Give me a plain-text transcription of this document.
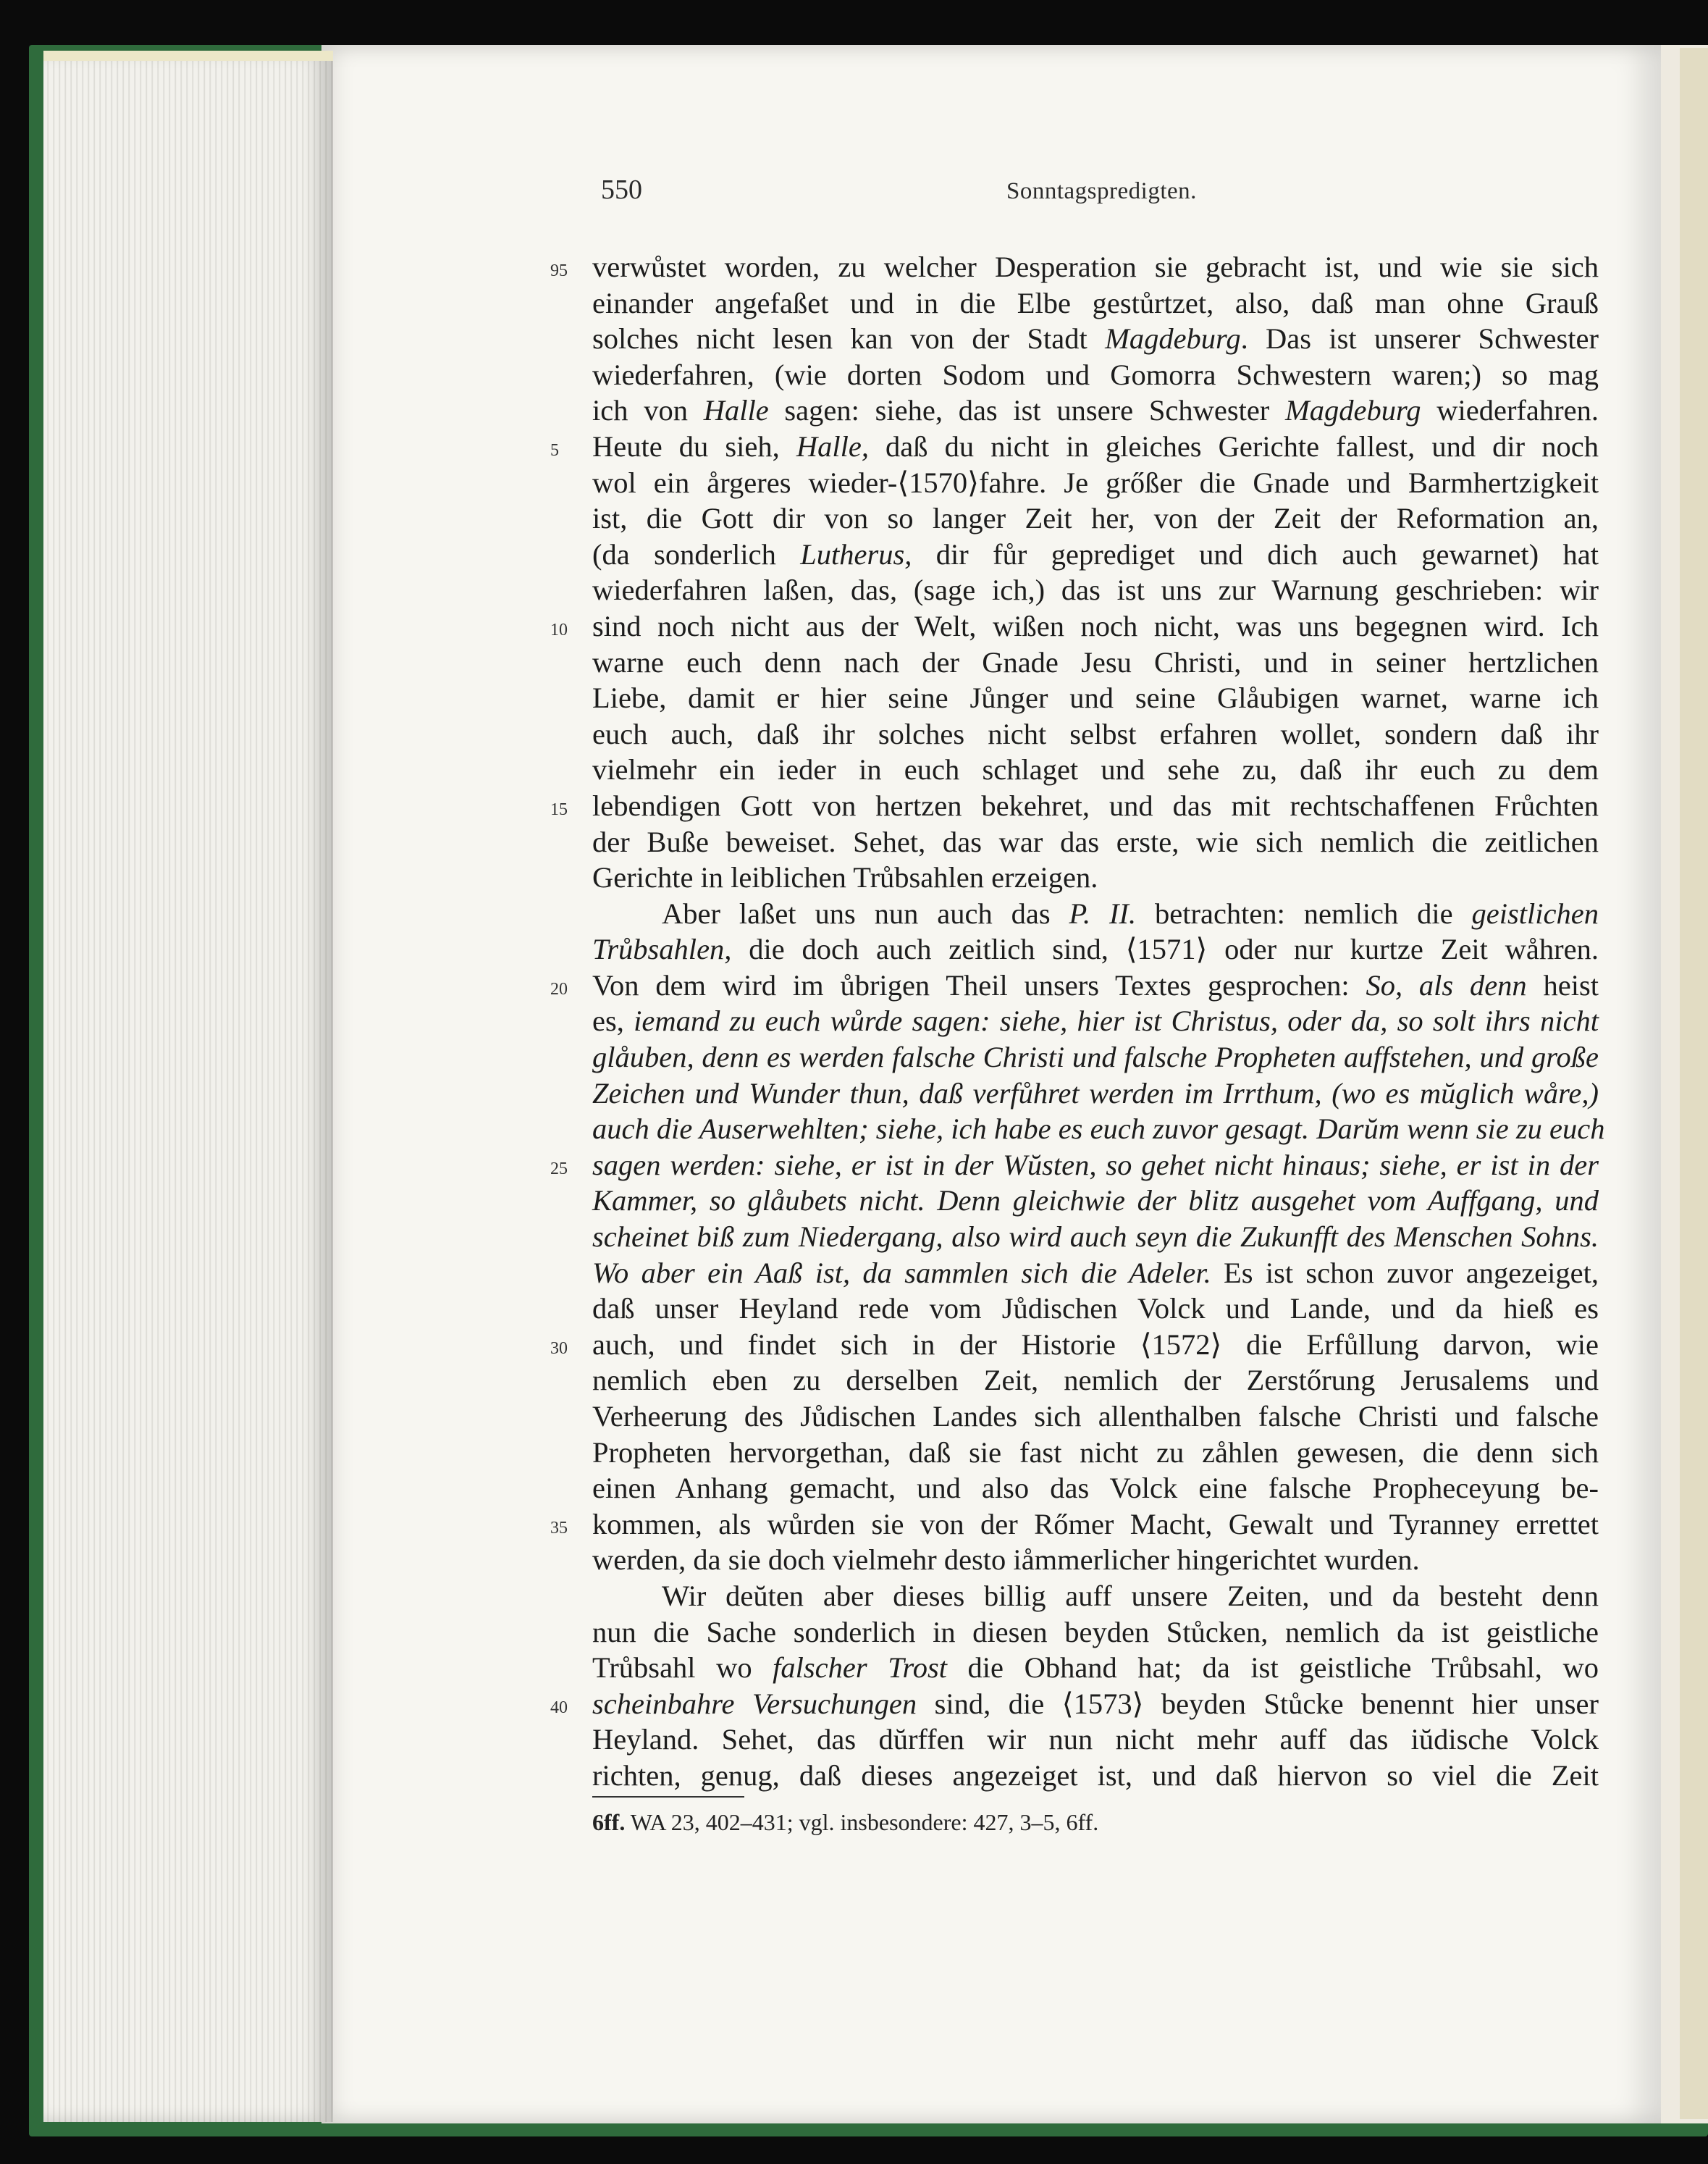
550	Sonntagspredigten.
95 verwůstet worden, zu welcher Desperation sie gebracht ist, und wie sie sich
einander angefaßet und in die Elbe gestůrtzet, also, daß man ohne Grauß
solches nicht lesen kan von der Stadt Magdeburg. Das ist unserer Schwester
wiederfahren, (wie dorten Sodom und Gomorra Schwestern waren;) so mag
ich von Halle sagen: siehe, das ist unsere Schwester Magdeburg wiederfahren.
5 Heute du sieh, Halle, daß du nicht in gleiches Gerichte fallest, und dir noch
wol ein årgeres wieder-⟨1570⟩fahre. Je grőßer die Gnade und Barmhertzigkeit
ist, die Gott dir von so langer Zeit her, von der Zeit der Reformation an,
(da sonderlich Lutherus, dir fůr geprediget und dich auch gewarnet) hat
wiederfahren laßen, das, (sage ich,) das ist uns zur Warnung geschrieben: wir
10 sind noch nicht aus der Welt, wißen noch nicht, was uns begegnen wird. Ich
warne euch denn nach der Gnade Jesu Christi, und in seiner hertzlichen
Liebe, damit er hier seine Jůnger und seine Glåubigen warnet, warne ich
euch auch, daß ihr solches nicht selbst erfahren wollet, sondern daß ihr
vielmehr ein ieder in euch schlaget und sehe zu, daß ihr euch zu dem
15 lebendigen Gott von hertzen bekehret, und das mit rechtschaffenen Frůchten
der Buße beweiset. Sehet, das war das erste, wie sich nemlich die zeitlichen
Gerichte in leiblichen Trůbsahlen erzeigen.
Aber laßet uns nun auch das P. II. betrachten: nemlich die geistlichen
Trůbsahlen, die doch auch zeitlich sind, ⟨1571⟩ oder nur kurtze Zeit wåhren.
20 Von dem wird im ůbrigen Theil unsers Textes gesprochen: So, als denn heist
es, iemand zu euch wůrde sagen: siehe, hier ist Christus, oder da, so solt ihrs nicht
glåuben, denn es werden falsche Christi und falsche Propheten auffstehen, und große
Zeichen und Wunder thun, daß verfůhret werden im Irrthum, (wo es mŭglich wåre,)
auch die Auserwehlten; siehe, ich habe es euch zuvor gesagt. Darŭm wenn sie zu euch
25 sagen werden: siehe, er ist in der Wŭsten, so gehet nicht hinaus; siehe, er ist in der
Kammer, so glåubets nicht. Denn gleichwie der blitz ausgehet vom Auffgang, und
scheinet biß zum Niedergang, also wird auch seyn die Zukunfft des Menschen Sohns.
Wo aber ein Aaß ist, da sammlen sich die Adeler. Es ist schon zuvor angezeiget,
daß unser Heyland rede vom Jůdischen Volck und Lande, und da hieß es
30 auch, und findet sich in der Historie ⟨1572⟩ die Erfůllung darvon, wie
nemlich eben zu derselben Zeit, nemlich der Zerstőrung Jerusalems und
Verheerung des Jůdischen Landes sich allenthalben falsche Christi und falsche
Propheten hervorgethan, daß sie fast nicht zu zåhlen gewesen, die denn sich
einen Anhang gemacht, und also das Volck eine falsche Prophecеyung be-
35 kommen, als wůrden sie von der Rőmer Macht, Gewalt und Tyranney errettet
werden, da sie doch vielmehr desto iåmmerlicher hingerichtet wurden.
Wir deŭten aber dieses billig auff unsere Zeiten, und da besteht denn
nun die Sache sonderlich in diesen beyden Stůcken, nemlich da ist geistliche
Trůbsahl wo falscher Trost die Obhand hat; da ist geistliche Trůbsahl, wo
40 scheinbahre Versuchungen sind, die ⟨1573⟩ beyden Stůcke benennt hier unser
Heyland. Sehet, das dŭrffen wir nun nicht mehr auff das iŭdische Volck
richten, genug, daß dieses angezeiget ist, und daß hiervon so viel die Zeit
6ff. WA 23, 402–431; vgl. insbesondere: 427, 3–5, 6ff.
